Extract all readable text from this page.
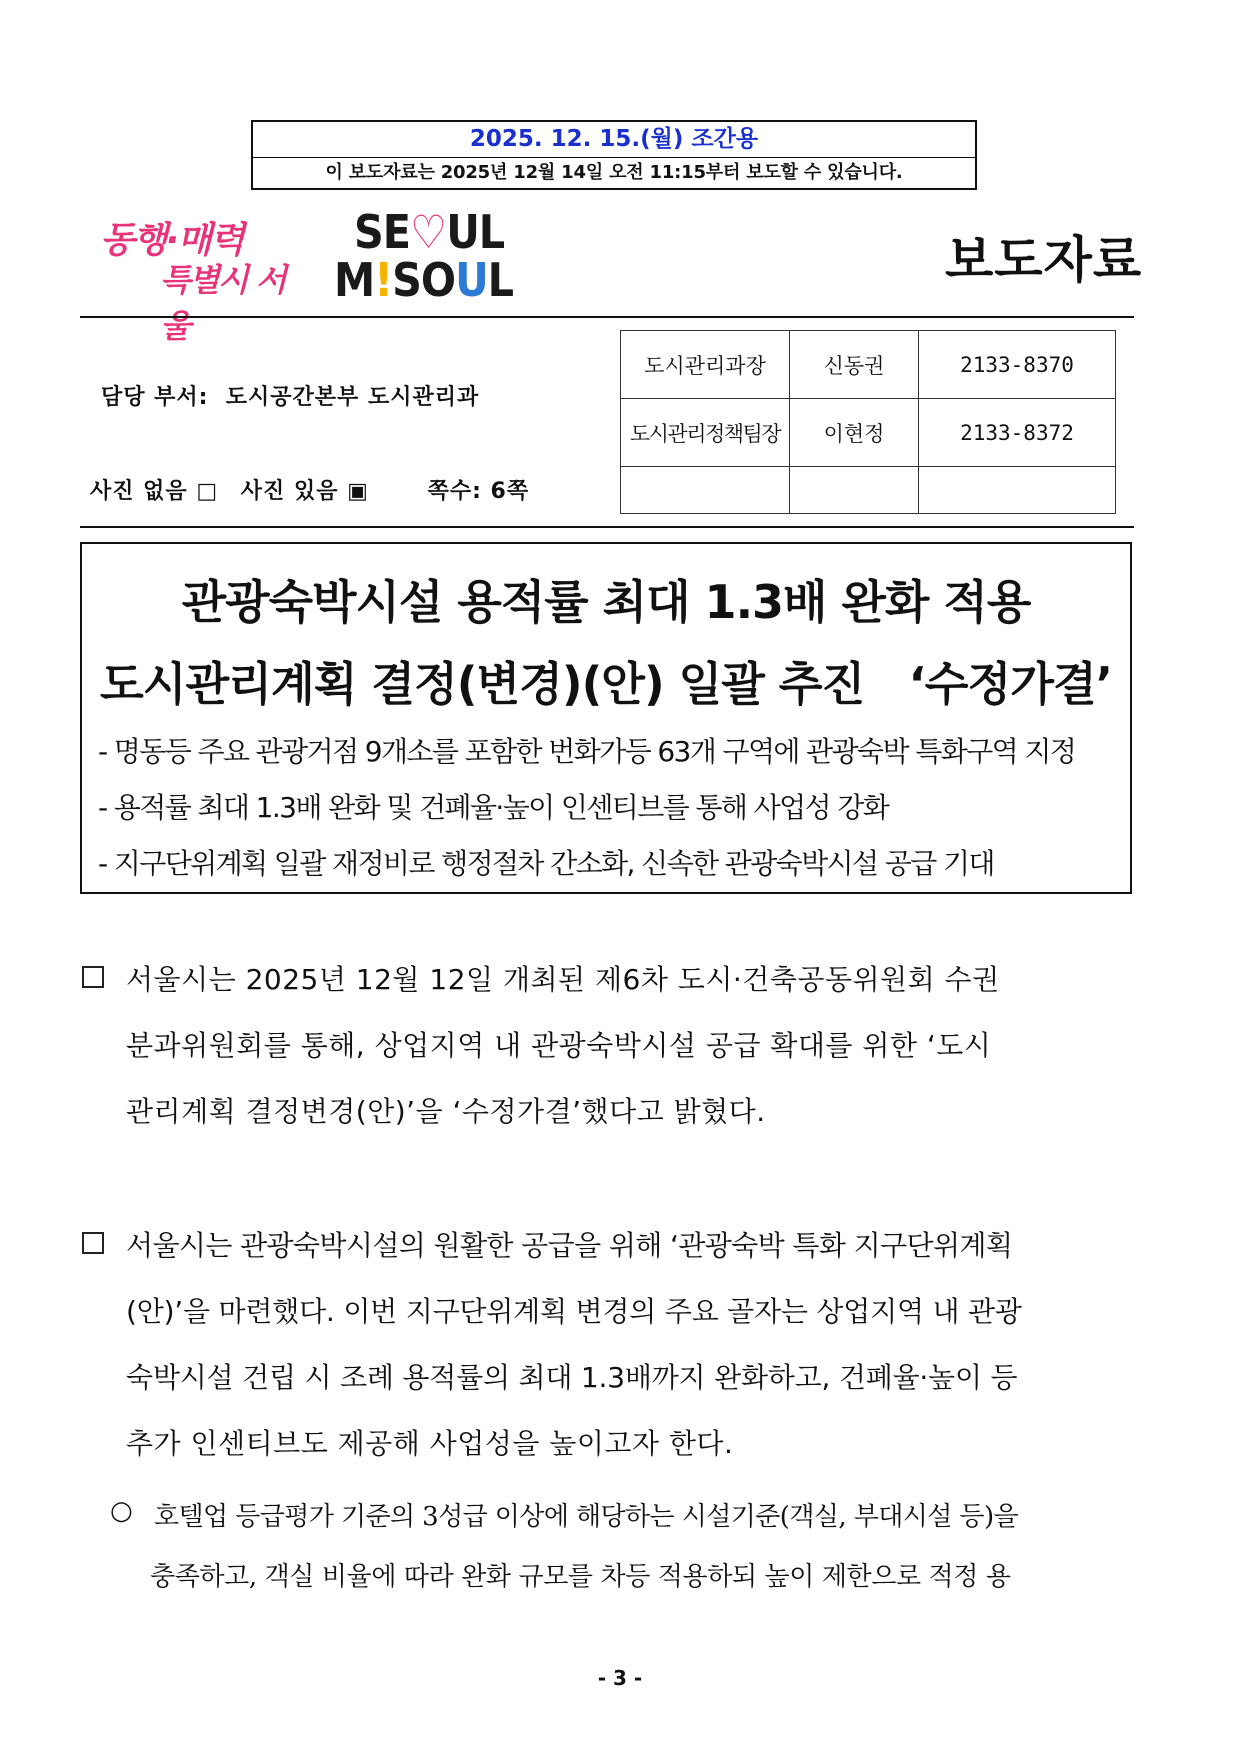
2025. 12. 15.(월) 조간용
이 보도자료는 2025년 12월 14일 오전 11:15부터 보도할 수 있습니다.
동행·매력
특별시 서울
SE♡UL
M!SOUL	보도자료
담당 부서:  도시공간본부 도시관리과
사진 없음 □ 사진 있음 ▣	쪽수: 6쪽
도시관리과장	신동권	2133-8370
도시관리정책팀장	이현정	2133-8372

관광숙박시설 용적률 최대 1.3배 완화 적용
도시관리계획 결정(변경)(안) 일괄 추진   ‘수정가결’
- 명동등 주요 관광거점 9개소를 포함한 번화가등 63개 구역에 관광숙박 특화구역 지정
- 용적률 최대 1.3배 완화 및 건폐율·높이 인센티브를 통해 사업성 강화
- 지구단위계획 일괄 재정비로 행정절차 간소화, 신속한 관광숙박시설 공급 기대
서울시는 2025년 12월 12일 개최된 제6차 도시·건축공동위원회 수권
분과위원회를 통해, 상업지역 내 관광숙박시설 공급 확대를 위한 ‘도시
관리계획 결정변경(안)’을 ‘수정가결’했다고 밝혔다.
서울시는 관광숙박시설의 원활한 공급을 위해 ‘관광숙박 특화 지구단위계획
(안)’을 마련했다. 이번 지구단위계획 변경의 주요 골자는 상업지역 내 관광
숙박시설 건립 시 조례 용적률의 최대 1.3배까지 완화하고, 건폐율·높이 등
추가 인센티브도 제공해 사업성을 높이고자 한다.
○ 호텔업 등급평가 기준의 3성급 이상에 해당하는 시설기준(객실, 부대시설 등)을
충족하고, 객실 비율에 따라 완화 규모를 차등 적용하되 높이 제한으로 적정 용
- 3 -
